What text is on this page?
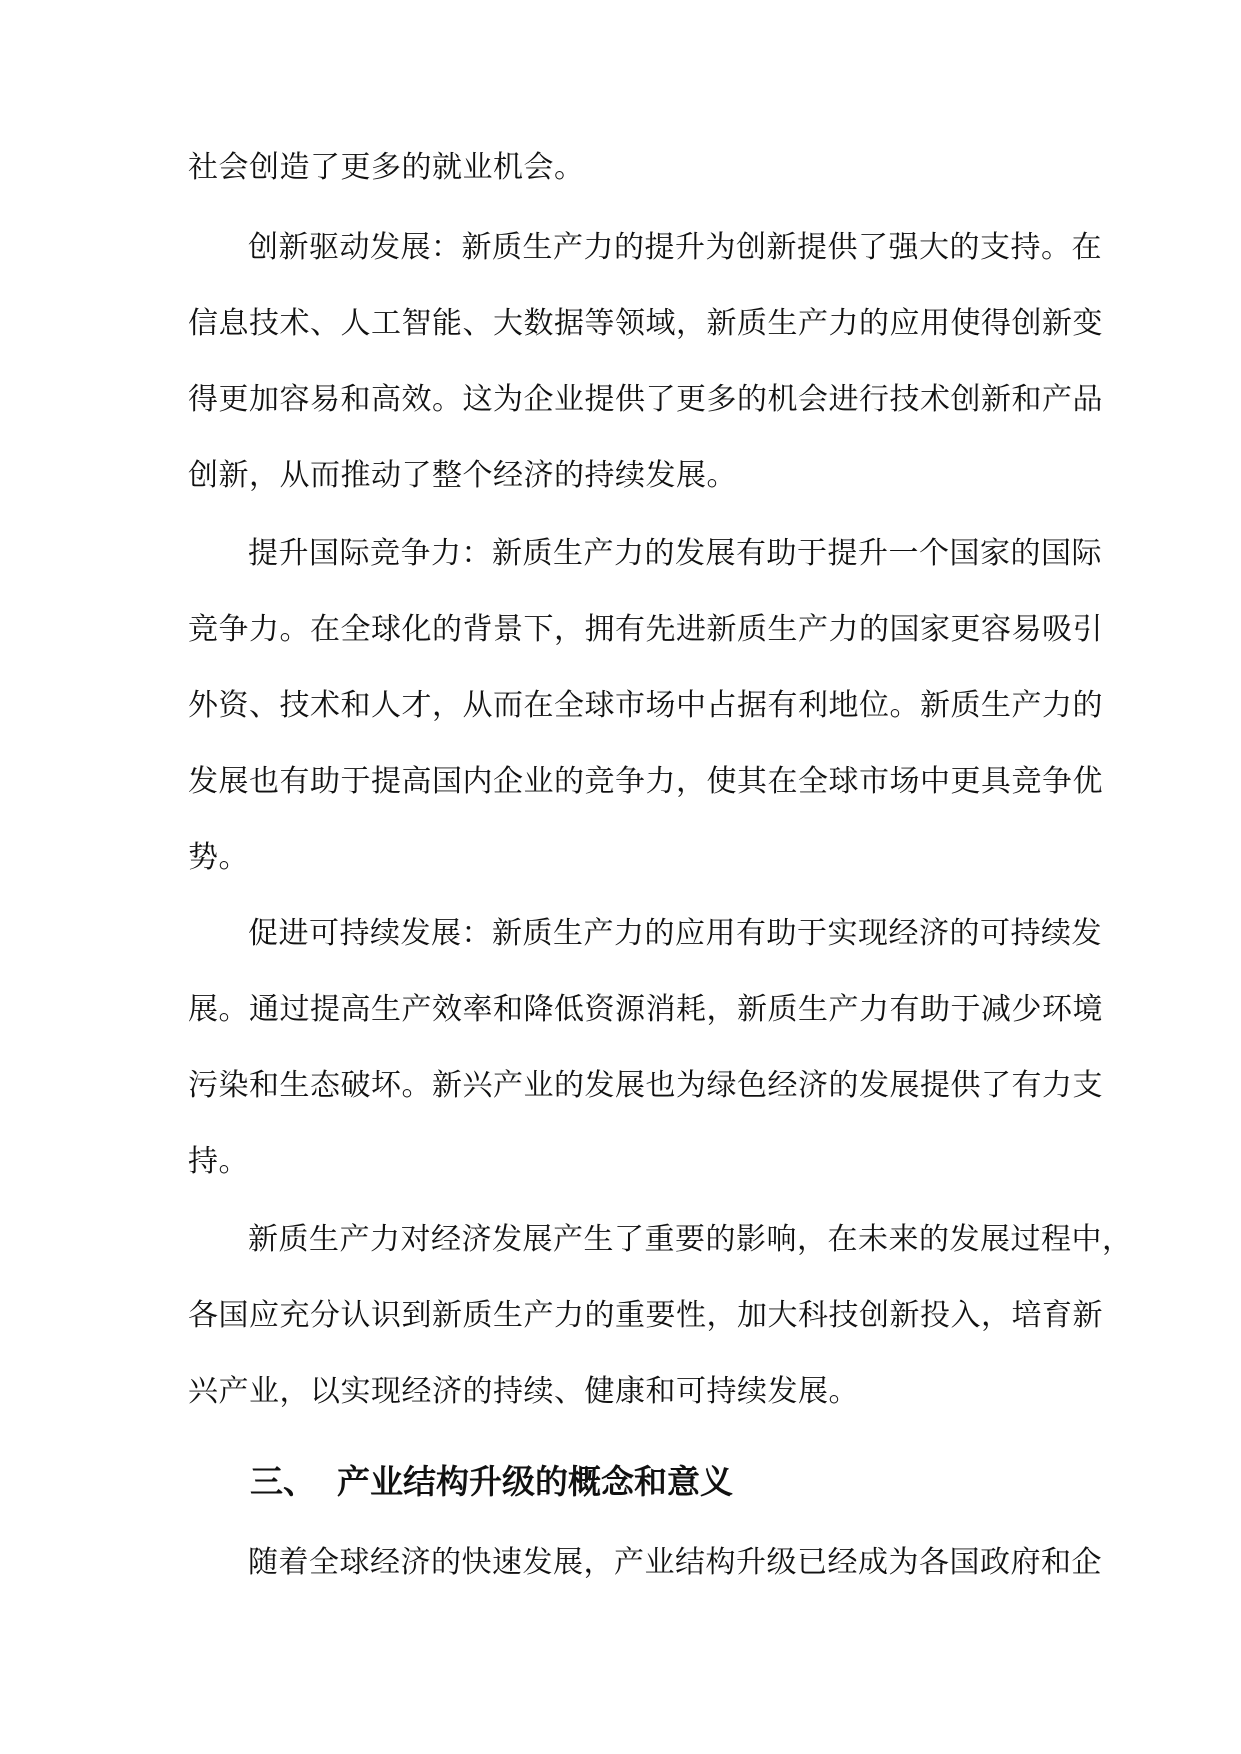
社会创造了更多的就业机会。
创新驱动发展：新质生产力的提升为创新提供了强大的支持。在
信息技术、人工智能、大数据等领域，新质生产力的应用使得创新变
得更加容易和高效。这为企业提供了更多的机会进行技术创新和产品
创新，从而推动了整个经济的持续发展。
提升国际竞争力：新质生产力的发展有助于提升一个国家的国际
竞争力。在全球化的背景下，拥有先进新质生产力的国家更容易吸引
外资、技术和人才，从而在全球市场中占据有利地位。新质生产力的
发展也有助于提高国内企业的竞争力，使其在全球市场中更具竞争优
势。
促进可持续发展：新质生产力的应用有助于实现经济的可持续发
展。通过提高生产效率和降低资源消耗，新质生产力有助于减少环境
污染和生态破坏。新兴产业的发展也为绿色经济的发展提供了有力支
持。
新质生产力对经济发展产生了重要的影响，在未来的发展过程中，
各国应充分认识到新质生产力的重要性，加大科技创新投入，培育新
兴产业，以实现经济的持续、健康和可持续发展。
三、 产业结构升级的概念和意义
随着全球经济的快速发展，产业结构升级已经成为各国政府和企
